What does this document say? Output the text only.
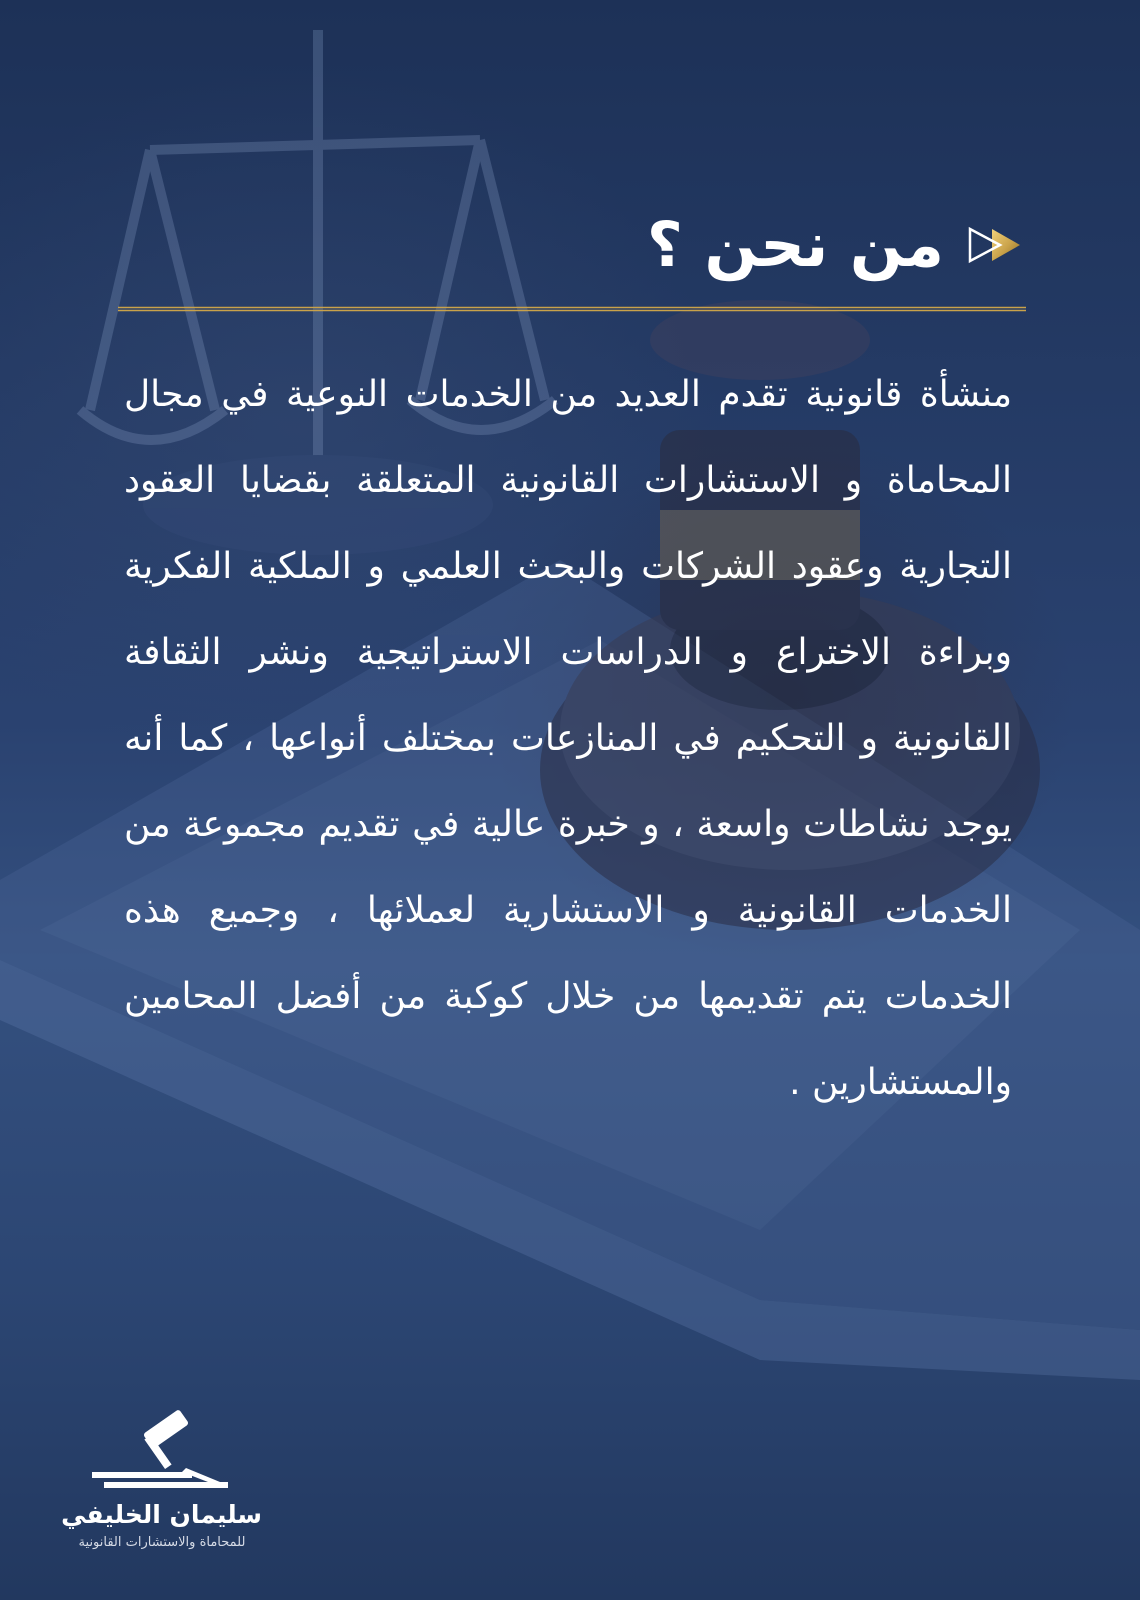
من نحن ؟

منشأة قانونية تقدم العديد من الخدمات النوعية في مجال المحاماة و الاستشارات القانونية المتعلقة بقضايا العقود التجارية وعقود الشركات والبحث العلمي و الملكية الفكرية وبراءة الاختراع و الدراسات الاستراتيجية ونشر الثقافة القانونية و التحكيم في المنازعات بمختلف أنواعها ، كما أنه يوجد نشاطات واسعة ، و خبرة عالية في تقديم مجموعة من الخدمات القانونية و الاستشارية لعملائها ، وجميع هذه الخدمات يتم تقديمها من خلال كوكبة من أفضل المحامين والمستشارين .

سليمان الخليفي
للمحاماة والاستشارات القانونية
